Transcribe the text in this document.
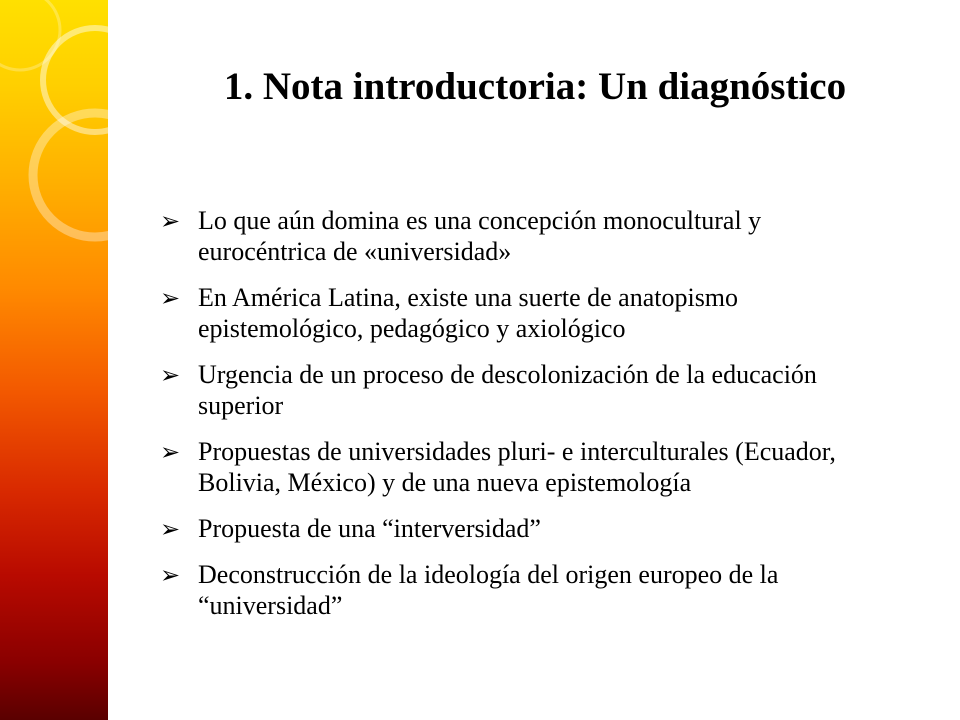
1. Nota introductoria: Un diagnóstico
➢ Lo que aún domina es una concepción monocultural y eurocéntrica de «universidad»
➢ En América Latina, existe una suerte de anatopismo epistemológico, pedagógico y axiológico
➢ Urgencia de un proceso de descolonización de la educación superior
➢ Propuestas de universidades pluri- e interculturales (Ecuador, Bolivia, México) y de una nueva epistemología
➢ Propuesta de una “interversidad”
➢ Deconstrucción de la ideología del origen europeo de la “universidad”
